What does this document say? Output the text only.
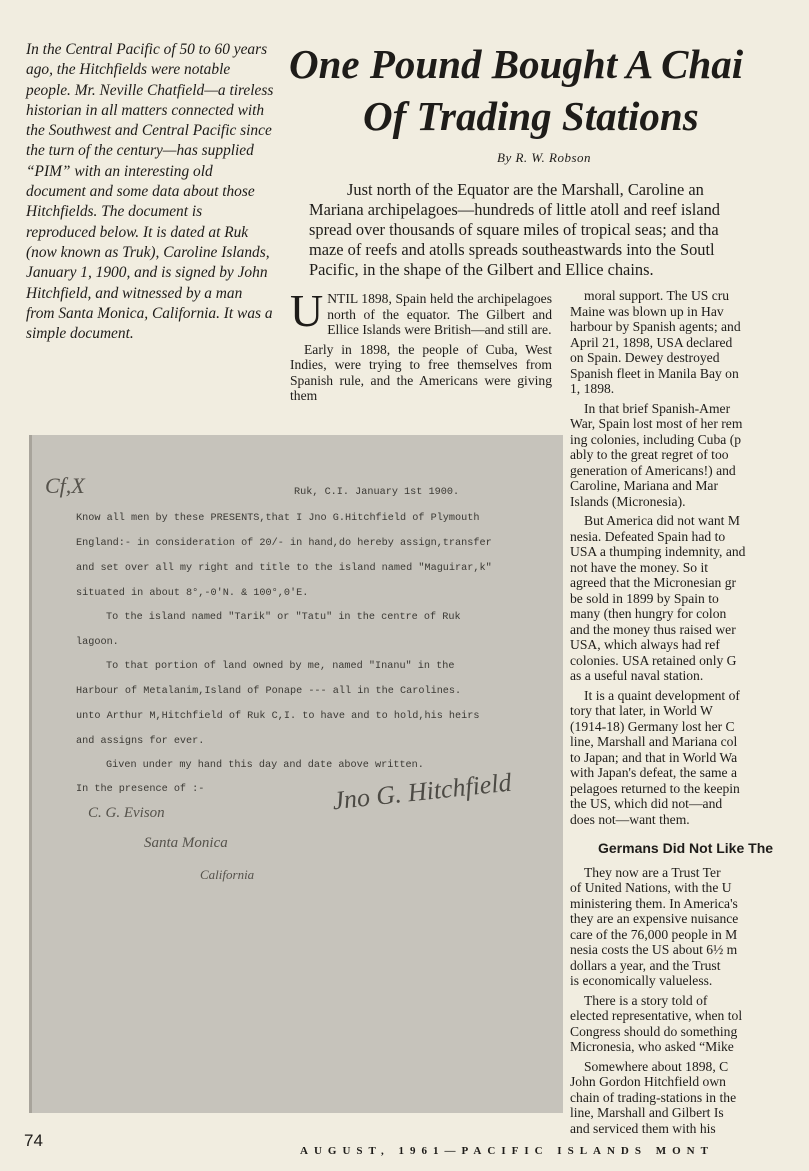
In the Central Pacific of 50 to 60 years ago, the Hitchfields were notable people. Mr. Neville Chatfield—a tireless historian in all matters connected with the Southwest and Central Pacific since the turn of the century—has supplied “PIM” with an interesting old document and some data about those Hitchfields. The document is reproduced below. It is dated at Ruk (now known as Truk), Caroline Islands, January 1, 1900, and is signed by John Hitchfield, and witnessed by a man from Santa Monica, California. It was a simple document.

One Pound Bought A Chai
Of Trading Stations

By R. W. Robson

Just north of the Equator are the Marshall, Caroline an
Mariana archipelagoes—hundreds of little atoll and reef island
spread over thousands of square miles of tropical seas; and tha
maze of reefs and atolls spreads southeastwards into the Soutl
Pacific, in the shape of the Gilbert and Ellice chains.

UNTIL 1898, Spain held the archipelagoes north of the equator. The Gilbert and Ellice Islands were British—and still are.

Early in 1898, the people of Cuba, West Indies, were trying to free themselves from Spanish rule, and the Americans were giving them

moral support. The US cru
Maine was blown up in Hav
harbour by Spanish agents; and
April 21, 1898, USA declared
on Spain. Dewey destroyed
Spanish fleet in Manila Bay on
1, 1898.
In that brief Spanish-Amer
War, Spain lost most of her rem
ing colonies, including Cuba (p
ably to the great regret of too
generation of Americans!) and
Caroline, Mariana and Mar
Islands (Micronesia).
But America did not want M
nesia. Defeated Spain had to
USA a thumping indemnity, and
not have the money. So it
agreed that the Micronesian gr
be sold in 1899 by Spain to
many (then hungry for colon
and the money thus raised wer
USA, which always had ref
colonies. USA retained only G
as a useful naval station.
It is a quaint development of
tory that later, in World W
(1914-18) Germany lost her C
line, Marshall and Mariana col
to Japan; and that in World Wa
with Japan's defeat, the same a
pelagoes returned to the keepin
the US, which did not—and
does not—want them.
Germans Did Not Like The
They now are a Trust Ter
of United Nations, with the U
ministering them. In America's
they are an expensive nuisance
care of the 76,000 people in M
nesia costs the US about 6½ m
dollars a year, and the Trust
is economically valueless.
There is a story told of
elected representative, when tol
Congress should do something
Micronesia, who asked “Mike
Somewhere about 1898, C
John Gordon Hitchfield own
chain of trading-stations in the
line, Marshall and Gilbert Is
and serviced them with his
Cf,X	Ruk, C.I. January 1st 1900.
Know all men by these PRESENTS,that I Jno G.Hitchfield of Plymouth
England:- in consideration of 20/- in hand,do hereby assign,transfer
and set over all my right and title to the island named "Maguirar,k"
situated in about 8°,-0'N. & 100°,0'E.
To the island named "Tarik" or "Tatu" in the centre of Ruk
lagoon.
To that portion of land owned by me, named "Inanu" in the
Harbour of Metalanim,Island of Ponape --- all in the Carolines.
unto Arthur M,Hitchfield of Ruk C,I. to have and to hold,his heirs
and assigns for ever.
Given under my hand this day and date above written.
In the presence of :-	Jno G. Hitchfield
C. G. Evison
Santa Monica
California

74

AUGUST, 1961—PACIFIC ISLANDS MONT
